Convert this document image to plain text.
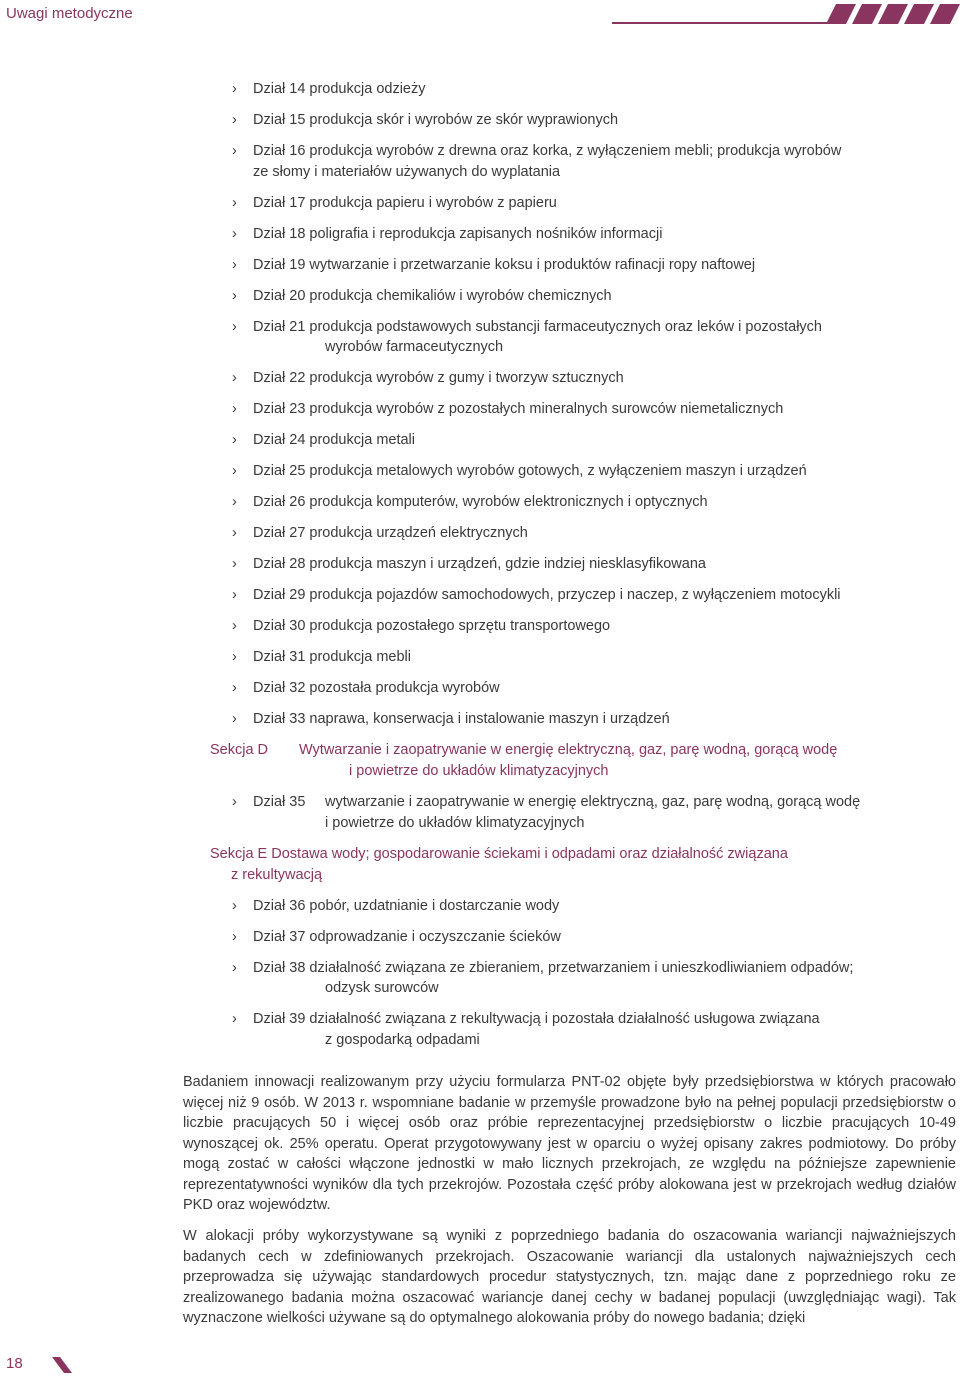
Uwagi metodyczne
› Dział 14 produkcja odzieży
› Dział 15 produkcja skór i wyrobów ze skór wyprawionych
› Dział 16 produkcja wyrobów z drewna oraz korka, z wyłączeniem mebli; produkcja wyrobów
ze słomy i materiałów używanych do wyplatania
› Dział 17 produkcja papieru i wyrobów z papieru
› Dział 18 poligrafia i reprodukcja zapisanych nośników informacji
› Dział 19 wytwarzanie i przetwarzanie koksu i produktów rafinacji ropy naftowej
› Dział 20 produkcja chemikaliów i wyrobów chemicznych
› Dział 21 produkcja podstawowych substancji farmaceutycznych oraz leków i pozostałych
wyrobów farmaceutycznych
› Dział 22 produkcja wyrobów z gumy i tworzyw sztucznych
› Dział 23 produkcja wyrobów z pozostałych mineralnych surowców niemetalicznych
› Dział 24 produkcja metali
› Dział 25 produkcja metalowych wyrobów gotowych, z wyłączeniem maszyn i urządzeń
› Dział 26 produkcja komputerów, wyrobów elektronicznych i optycznych
› Dział 27 produkcja urządzeń elektrycznych
› Dział 28 produkcja maszyn i urządzeń, gdzie indziej niesklasyfikowana
› Dział 29 produkcja pojazdów samochodowych, przyczep i naczep, z wyłączeniem motocykli
› Dział 30 produkcja pozostałego sprzętu transportowego
› Dział 31 produkcja mebli
› Dział 32 pozostała produkcja wyrobów
› Dział 33 naprawa, konserwacja i instalowanie maszyn i urządzeń
Sekcja D Wytwarzanie i zaopatrywanie w energię elektryczną, gaz, parę wodną, gorącą wodę
i powietrze do układów klimatyzacyjnych
› Dział 35 wytwarzanie i zaopatrywanie w energię elektryczną, gaz, parę wodną, gorącą wodę
i powietrze do układów klimatyzacyjnych
Sekcja E Dostawa wody; gospodarowanie ściekami i odpadami oraz działalność związana
z rekultywacją
› Dział 36 pobór, uzdatnianie i dostarczanie wody
› Dział 37 odprowadzanie i oczyszczanie ścieków
› Dział 38 działalność związana ze zbieraniem, przetwarzaniem i unieszkodliwianiem odpadów;
odzysk surowców
› Dział 39 działalność związana z rekultywacją i pozostała działalność usługowa związana
z gospodarką odpadami

Badaniem innowacji realizowanym przy użyciu formularza PNT-02 objęte były przedsiębiorstwa w których pracowało więcej niż 9 osób. W 2013 r. wspomniane badanie w przemyśle prowadzone było na pełnej populacji przedsiębiorstw o liczbie pracujących 50 i więcej osób oraz próbie reprezentacyjnej przedsiębiorstw o liczbie pracujących 10-49 wynoszącej ok. 25% operatu. Operat przygotowywany jest w oparciu o wyżej opisany zakres podmiotowy. Do próby mogą zostać w całości włączone jednostki w mało licznych przekrojach, ze względu na późniejsze zapewnienie reprezentatywności wyników dla tych przekrojów. Pozostała część próby alokowana jest w przekrojach według działów PKD oraz województw.

W alokacji próby wykorzystywane są wyniki z poprzedniego badania do oszacowania wariancji najważniejszych badanych cech w zdefiniowanych przekrojach. Oszacowanie wariancji dla ustalonych najważniejszych cech przeprowadza się używając standardowych procedur statystycznych, tzn. mając dane z poprzedniego roku ze zrealizowanego badania można oszacować wariancje danej cechy w badanej populacji (uwzględniając wagi). Tak wyznaczone wielkości używane są do optymalnego alokowania próby do nowego badania; dzięki

18
